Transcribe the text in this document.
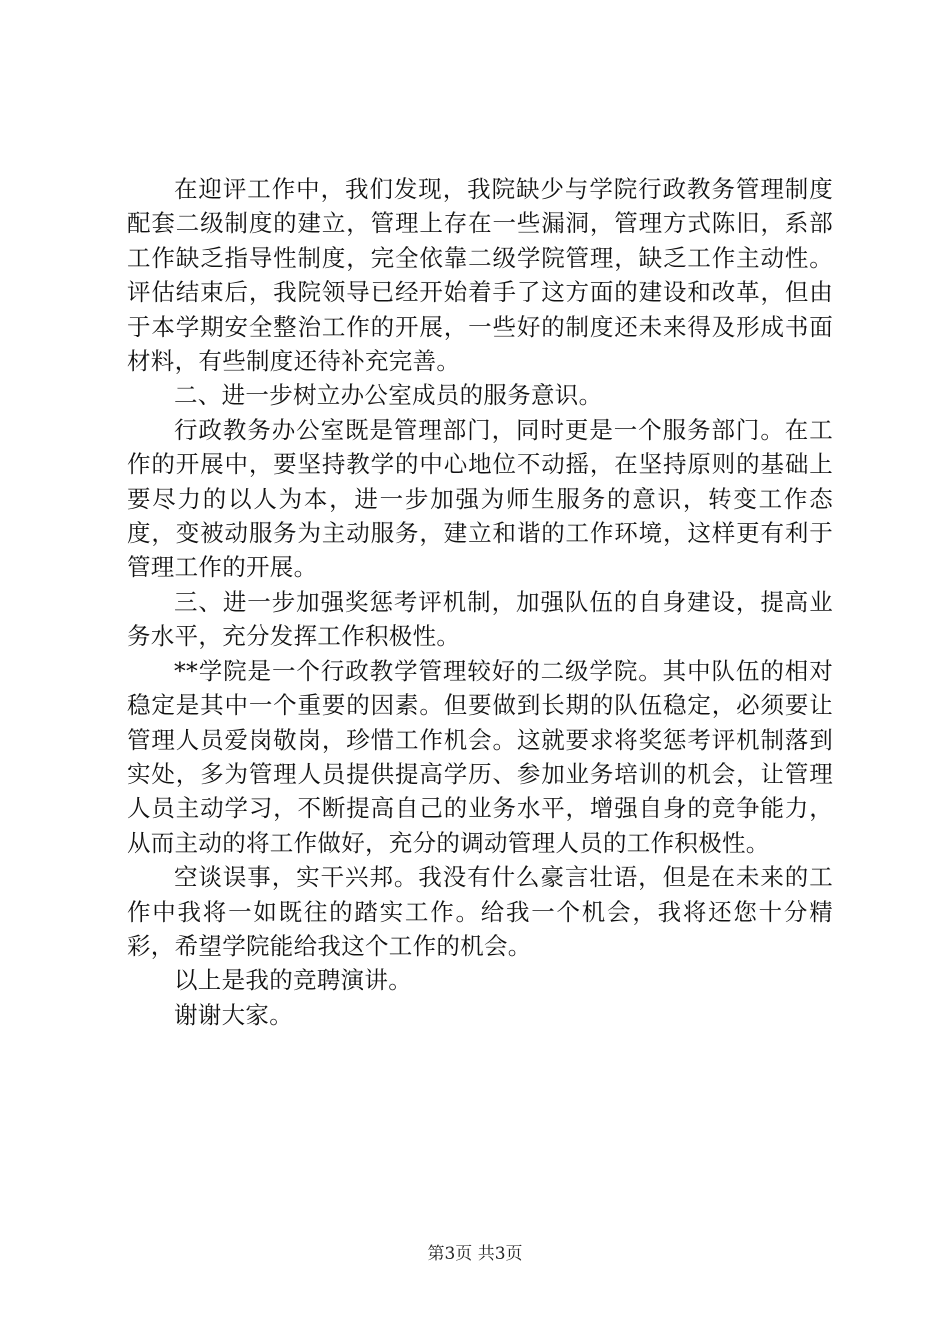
在迎评工作中，我们发现，我院缺少与学院行政教务管理制度配套二级制度的建立，管理上存在一些漏洞，管理方式陈旧，系部工作缺乏指导性制度，完全依靠二级学院管理，缺乏工作主动性。评估结束后，我院领导已经开始着手了这方面的建设和改革，但由于本学期安全整治工作的开展，一些好的制度还未来得及形成书面材料，有些制度还待补充完善。

二、进一步树立办公室成员的服务意识。

行政教务办公室既是管理部门，同时更是一个服务部门。在工作的开展中，要坚持教学的中心地位不动摇，在坚持原则的基础上要尽力的以人为本，进一步加强为师生服务的意识，转变工作态度，变被动服务为主动服务，建立和谐的工作环境，这样更有利于管理工作的开展。

三、进一步加强奖惩考评机制，加强队伍的自身建设，提高业务水平，充分发挥工作积极性。

**学院是一个行政教学管理较好的二级学院。其中队伍的相对稳定是其中一个重要的因素。但要做到长期的队伍稳定，必须要让管理人员爱岗敬岗，珍惜工作机会。这就要求将奖惩考评机制落到实处，多为管理人员提供提高学历、参加业务培训的机会，让管理人员主动学习，不断提高自己的业务水平，增强自身的竞争能力，从而主动的将工作做好，充分的调动管理人员的工作积极性。

空谈误事，实干兴邦。我没有什么豪言壮语，但是在未来的工作中我将一如既往的踏实工作。给我一个机会，我将还您十分精彩，希望学院能给我这个工作的机会。

以上是我的竞聘演讲。

谢谢大家。

第3页 共3页
